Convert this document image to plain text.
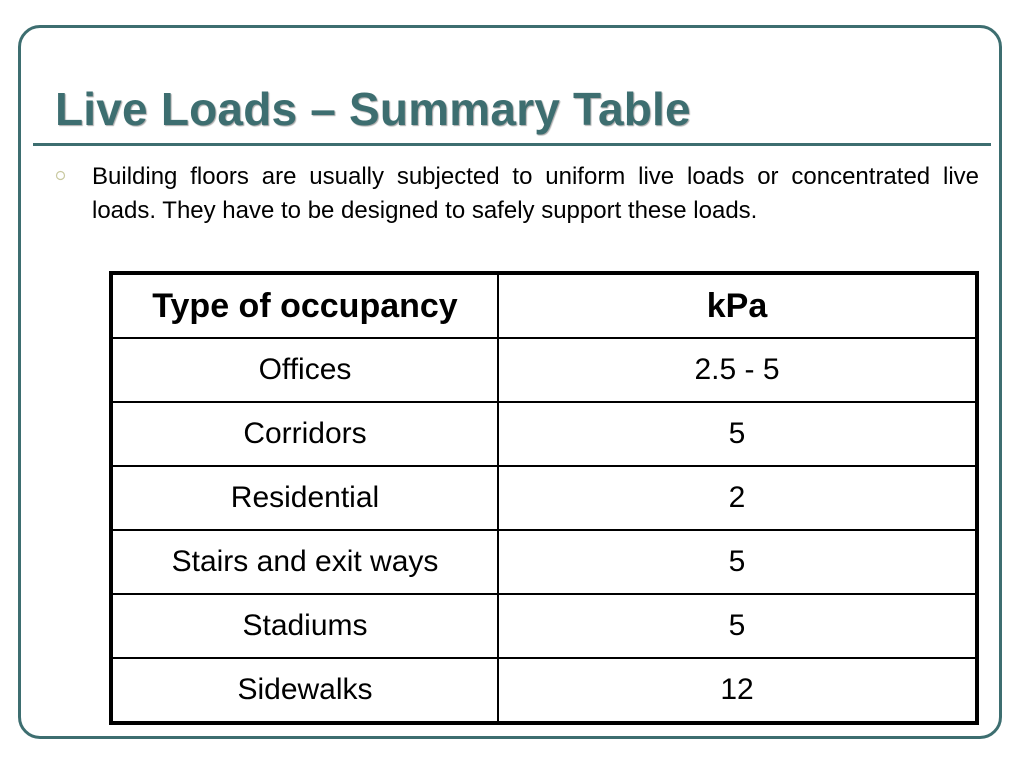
Live Loads – Summary Table

Building floors are usually subjected to uniform live loads or concentrated live loads. They have to be designed to safely support these loads.

Type of occupancy	kPa
Offices	2.5 - 5
Corridors	5
Residential	2
Stairs and exit ways	5
Stadiums	5
Sidewalks	12
